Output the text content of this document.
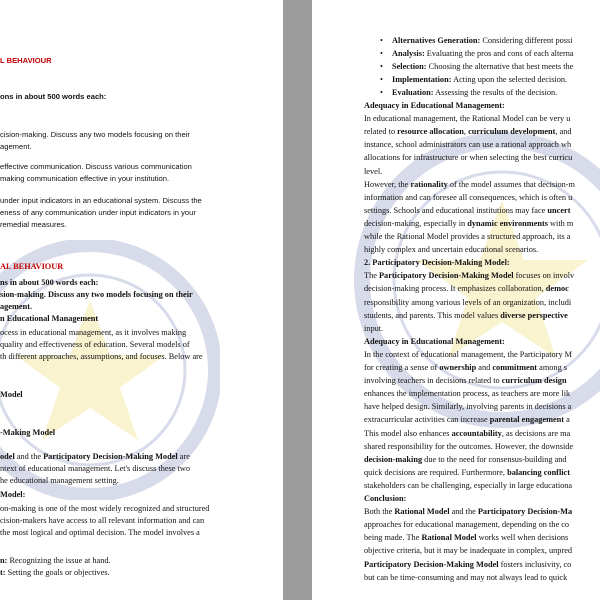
L BEHAVIOUR
ons in about 500 words each:
cision-making. Discuss any two models focusing on their
agement.
effective communication. Discuss various communication
making communication effective in your institution.
under input indicators in an educational system. Discuss the
eness of any communication under input indicators in your
remedial measures.
AL BEHAVIOUR
ns in about 500 words each:
sion-making. Discuss any two models focusing on their
agement.
n Educational Management
ocess in educational management, as it involves making
quality and effectiveness of education. Several models of
th different approaches, assumptions, and focuses. Below are
Model
-Making Model
odel and the Participatory Decision-Making Model are
ntext of educational management. Let's discuss these two
he educational management setting.
Model:
on-making is one of the most widely recognized and structured
cision-makers have access to all relevant information and can
the most logical and optimal decision. The model involves a
n: Recognizing the issue at hand.
t: Setting the goals or objectives.
• Alternatives Generation: Considering different possi
• Analysis: Evaluating the pros and cons of each alterna
• Selection: Choosing the alternative that best meets the
• Implementation: Acting upon the selected decision.
• Evaluation: Assessing the results of the decision.
Adequacy in Educational Management:
In educational management, the Rational Model can be very u
related to resource allocation, curriculum development, and
instance, school administrators can use a rational approach wh
allocations for infrastructure or when selecting the best curricu
level.
However, the rationality of the model assumes that decision-m
information and can foresee all consequences, which is often u
settings. Schools and educational institutions may face uncert
decision-making, especially in dynamic environments with m
while the Rational Model provides a structured approach, its a
highly complex and uncertain educational scenarios.
2. Participatory Decision-Making Model:
The Participatory Decision-Making Model focuses on involv
decision-making process. It emphasizes collaboration, democ
responsibility among various levels of an organization, includi
students, and parents. This model values diverse perspective
input.
Adequacy in Educational Management:
In the context of educational management, the Participatory M
for creating a sense of ownership and commitment among s
involving teachers in decisions related to curriculum design
enhances the implementation process, as teachers are more lik
have helped design. Similarly, involving parents in decisions a
extracurricular activities can increase parental engagement a
This model also enhances accountability, as decisions are ma
shared responsibility for the outcomes. However, the downside
decision-making due to the need for consensus-building and
quick decisions are required. Furthermore, balancing conflict
stakeholders can be challenging, especially in large educationa
Conclusion:
Both the Rational Model and the Participatory Decision-Ma
approaches for educational management, depending on the co
being made. The Rational Model works well when decisions
objective criteria, but it may be inadequate in complex, unpred
Participatory Decision-Making Model fosters inclusivity, co
but can be time-consuming and may not always lead to quick
